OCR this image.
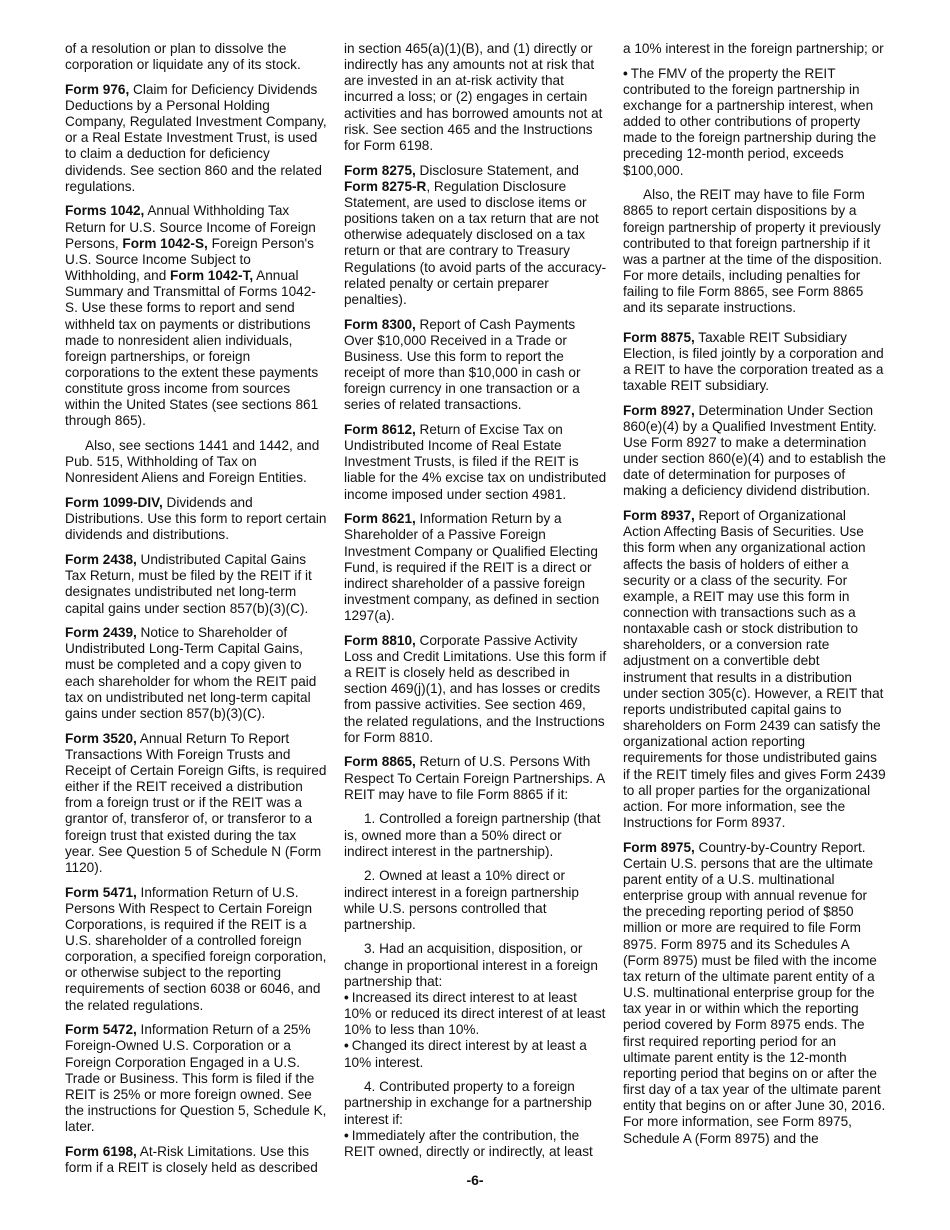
of a resolution or plan to dissolve the corporation or liquidate any of its stock.

Form 976, Claim for Deficiency Dividends Deductions by a Personal Holding Company, Regulated Investment Company, or a Real Estate Investment Trust, is used to claim a deduction for deficiency dividends. See section 860 and the related regulations.

Forms 1042, Annual Withholding Tax Return for U.S. Source Income of Foreign Persons, Form 1042-S, Foreign Person's U.S. Source Income Subject to Withholding, and Form 1042-T, Annual Summary and Transmittal of Forms 1042-S. Use these forms to report and send withheld tax on payments or distributions made to nonresident alien individuals, foreign partnerships, or foreign corporations to the extent these payments constitute gross income from sources within the United States (see sections 861 through 865).

Also, see sections 1441 and 1442, and Pub. 515, Withholding of Tax on Nonresident Aliens and Foreign Entities.

Form 1099-DIV, Dividends and Distributions. Use this form to report certain dividends and distributions.

Form 2438, Undistributed Capital Gains Tax Return, must be filed by the REIT if it designates undistributed net long-term capital gains under section 857(b)(3)(C).

Form 2439, Notice to Shareholder of Undistributed Long-Term Capital Gains, must be completed and a copy given to each shareholder for whom the REIT paid tax on undistributed net long-term capital gains under section 857(b)(3)(C).

Form 3520, Annual Return To Report Transactions With Foreign Trusts and Receipt of Certain Foreign Gifts, is required either if the REIT received a distribution from a foreign trust or if the REIT was a grantor of, transferor of, or transferor to a foreign trust that existed during the tax year. See Question 5 of Schedule N (Form 1120).

Form 5471, Information Return of U.S. Persons With Respect to Certain Foreign Corporations, is required if the REIT is a U.S. shareholder of a controlled foreign corporation, a specified foreign corporation, or otherwise subject to the reporting requirements of section 6038 or 6046, and the related regulations.

Form 5472, Information Return of a 25% Foreign-Owned U.S. Corporation or a Foreign Corporation Engaged in a U.S. Trade or Business. This form is filed if the REIT is 25% or more foreign owned. See the instructions for Question 5, Schedule K, later.

Form 6198, At-Risk Limitations. Use this form if a REIT is closely held as described

in section 465(a)(1)(B), and (1) directly or indirectly has any amounts not at risk that are invested in an at-risk activity that incurred a loss; or (2) engages in certain activities and has borrowed amounts not at risk. See section 465 and the Instructions for Form 6198.

Form 8275, Disclosure Statement, and Form 8275-R, Regulation Disclosure Statement, are used to disclose items or positions taken on a tax return that are not otherwise adequately disclosed on a tax return or that are contrary to Treasury Regulations (to avoid parts of the accuracy-related penalty or certain preparer penalties).

Form 8300, Report of Cash Payments Over $10,000 Received in a Trade or Business. Use this form to report the receipt of more than $10,000 in cash or foreign currency in one transaction or a series of related transactions.

Form 8612, Return of Excise Tax on Undistributed Income of Real Estate Investment Trusts, is filed if the REIT is liable for the 4% excise tax on undistributed income imposed under section 4981.

Form 8621, Information Return by a Shareholder of a Passive Foreign Investment Company or Qualified Electing Fund, is required if the REIT is a direct or indirect shareholder of a passive foreign investment company, as defined in section 1297(a).

Form 8810, Corporate Passive Activity Loss and Credit Limitations. Use this form if a REIT is closely held as described in section 469(j)(1), and has losses or credits from passive activities. See section 469, the related regulations, and the Instructions for Form 8810.

Form 8865, Return of U.S. Persons With Respect To Certain Foreign Partnerships. A REIT may have to file Form 8865 if it:

1. Controlled a foreign partnership (that is, owned more than a 50% direct or indirect interest in the partnership).

2. Owned at least a 10% direct or indirect interest in a foreign partnership while U.S. persons controlled that partnership.

3. Had an acquisition, disposition, or change in proportional interest in a foreign partnership that:

• Increased its direct interest to at least 10% or reduced its direct interest of at least 10% to less than 10%.

• Changed its direct interest by at least a 10% interest.

4. Contributed property to a foreign partnership in exchange for a partnership interest if:

• Immediately after the contribution, the REIT owned, directly or indirectly, at least

a 10% interest in the foreign partnership; or

• The FMV of the property the REIT contributed to the foreign partnership in exchange for a partnership interest, when added to other contributions of property made to the foreign partnership during the preceding 12-month period, exceeds $100,000.

Also, the REIT may have to file Form 8865 to report certain dispositions by a foreign partnership of property it previously contributed to that foreign partnership if it was a partner at the time of the disposition. For more details, including penalties for failing to file Form 8865, see Form 8865 and its separate instructions.

Form 8875, Taxable REIT Subsidiary Election, is filed jointly by a corporation and a REIT to have the corporation treated as a taxable REIT subsidiary.

Form 8927, Determination Under Section 860(e)(4) by a Qualified Investment Entity. Use Form 8927 to make a determination under section 860(e)(4) and to establish the date of determination for purposes of making a deficiency dividend distribution.

Form 8937, Report of Organizational Action Affecting Basis of Securities. Use this form when any organizational action affects the basis of holders of either a security or a class of the security. For example, a REIT may use this form in connection with transactions such as a nontaxable cash or stock distribution to shareholders, or a conversion rate adjustment on a convertible debt instrument that results in a distribution under section 305(c). However, a REIT that reports undistributed capital gains to shareholders on Form 2439 can satisfy the organizational action reporting requirements for those undistributed gains if the REIT timely files and gives Form 2439 to all proper parties for the organizational action. For more information, see the Instructions for Form 8937.

Form 8975, Country-by-Country Report. Certain U.S. persons that are the ultimate parent entity of a U.S. multinational enterprise group with annual revenue for the preceding reporting period of $850 million or more are required to file Form 8975. Form 8975 and its Schedules A (Form 8975) must be filed with the income tax return of the ultimate parent entity of a U.S. multinational enterprise group for the tax year in or within which the reporting period covered by Form 8975 ends. The first required reporting period for an ultimate parent entity is the 12-month reporting period that begins on or after the first day of a tax year of the ultimate parent entity that begins on or after June 30, 2016. For more information, see Form 8975, Schedule A (Form 8975) and the

-6-
